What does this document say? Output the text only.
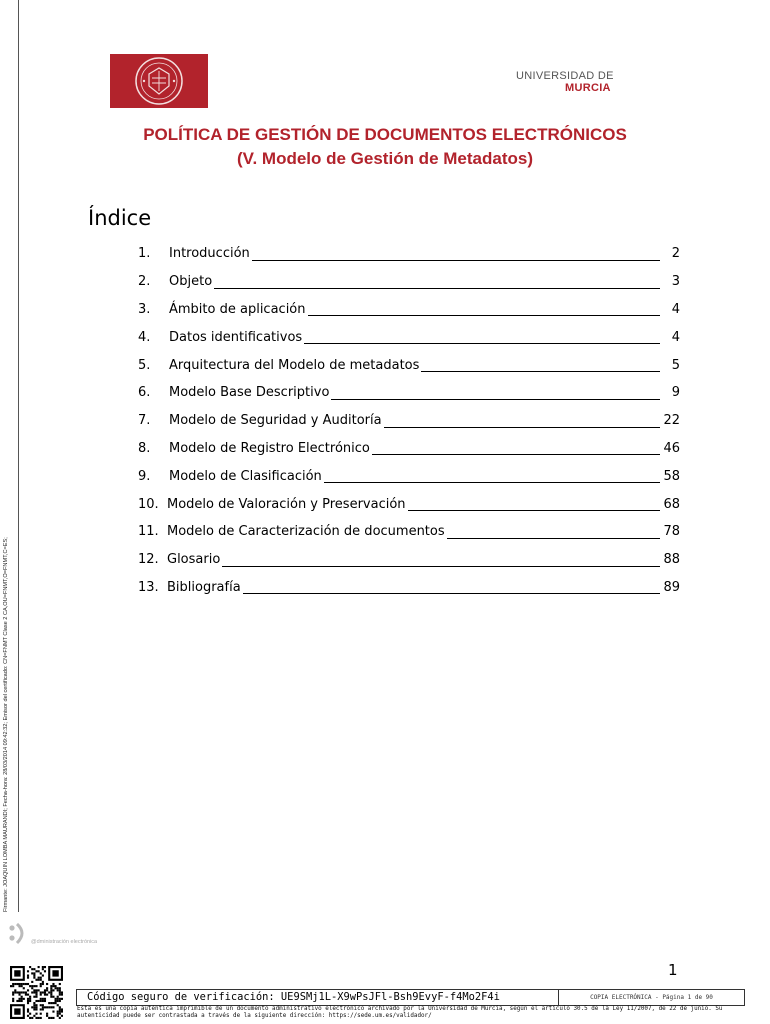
Firmante: JOAQUIN LOMBA MAURANDI; Fecha-hora: 28/03/2014 09:42:32; Emisor del certificado: CN=FNMT Clase 2 CA,OU=FNMT,O=FNMT,C=ES;
UNIVERSIDAD DE
MURCIA
POLÍTICA DE GESTIÓN DE DOCUMENTOS ELECTRÓNICOS
(V. Modelo de Gestión de Metadatos)
Índice
1.	Introducción	2
2.	Objeto	3
3.	Ámbito de aplicación	4
4.	Datos identificativos	4
5.	Arquitectura del Modelo de metadatos	5
6.	Modelo Base Descriptivo	9
7.	Modelo de Seguridad y Auditoría	22
8.	Modelo de Registro Electrónico	46
9.	Modelo de Clasificación	58
10. Modelo de Valoración y Preservación	68
11. Modelo de Caracterización de documentos	78
12. Glosario	88
13. Bibliografía	89
1
@dministración electrónica
Código seguro de verificación: UE9SMj1L-X9wPsJFl-Bsh9EvyF-f4Mo2F4i	COPIA ELECTRÓNICA - Página 1 de 90
Esta es una copia auténtica imprimible de un documento administrativo electrónico archivado por la Universidad de Murcia, según el artículo 30.5 de la Ley 11/2007, de 22 de junio. Su autenticidad puede ser contrastada a través de la siguiente dirección: https://sede.um.es/validador/
